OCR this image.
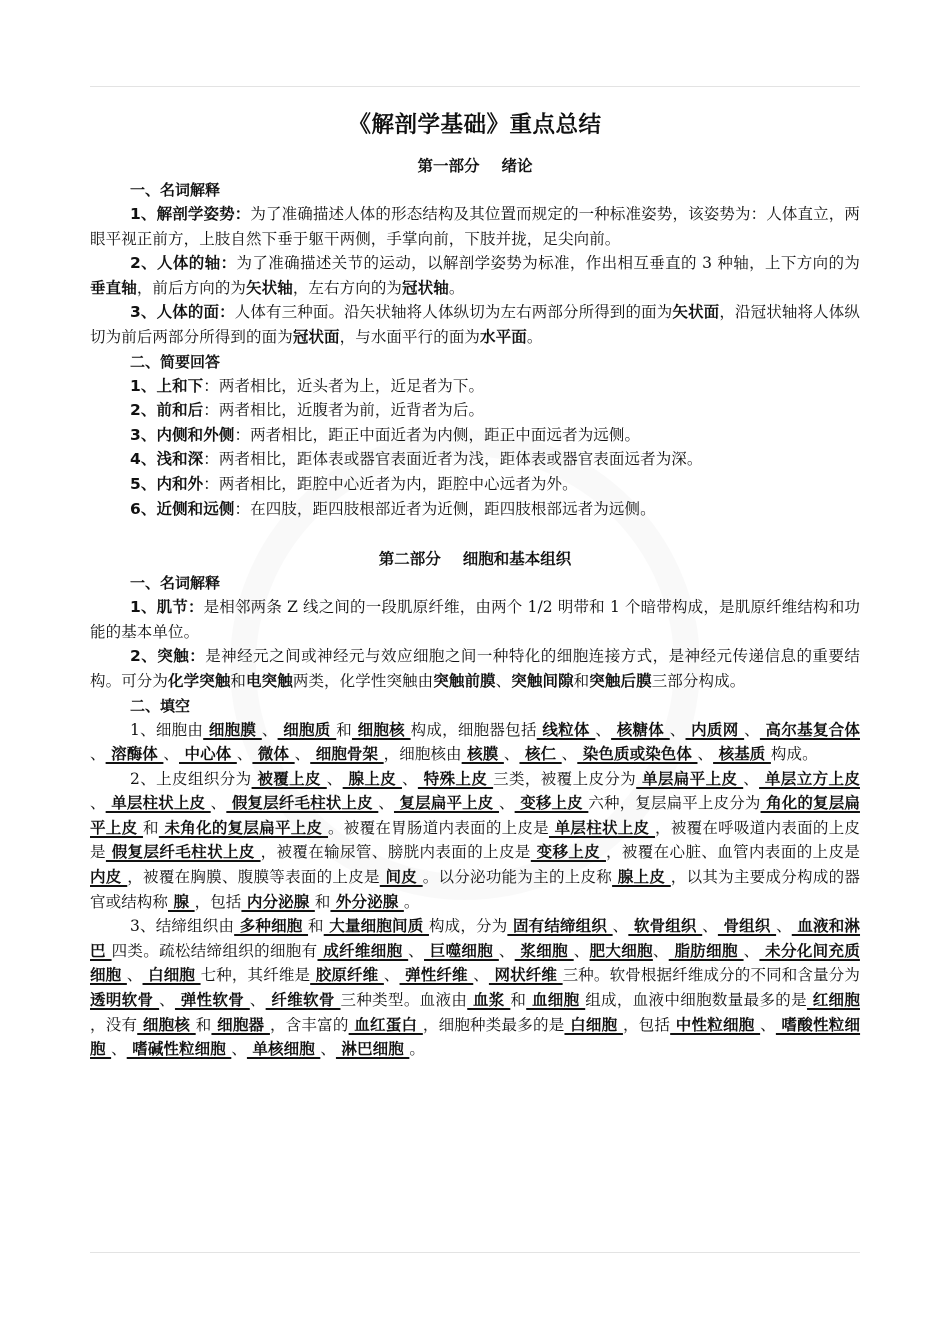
《解剖学基础》重点总结
第一部分 绪论
一、名词解释

1、解剖学姿势：为了准确描述人体的形态结构及其位置而规定的一种标准姿势，该姿势为：人体直立，两眼平视正前方，上肢自然下垂于躯干两侧，手掌向前，下肢并拢，足尖向前。

2、人体的轴：为了准确描述关节的运动，以解剖学姿势为标准，作出相互垂直的 3 种轴，上下方向的为垂直轴，前后方向的为矢状轴，左右方向的为冠状轴。

3、人体的面：人体有三种面。沿矢状轴将人体纵切为左右两部分所得到的面为矢状面，沿冠状轴将人体纵切为前后两部分所得到的面为冠状面，与水面平行的面为水平面。

二、简要回答

1、上和下：两者相比，近头者为上，近足者为下。

2、前和后：两者相比，近腹者为前，近背者为后。

3、内侧和外侧：两者相比，距正中面近者为内侧，距正中面远者为远侧。

4、浅和深：两者相比，距体表或器官表面近者为浅，距体表或器官表面远者为深。

5、内和外：两者相比，距腔中心近者为内，距腔中心远者为外。

6、近侧和远侧：在四肢，距四肢根部近者为近侧，距四肢根部远者为远侧。

第二部分 细胞和基本组织
一、名词解释

1、肌节：是相邻两条 Z 线之间的一段肌原纤维，由两个 1/2 明带和 1 个暗带构成，是肌原纤维结构和功能的基本单位。

2、突触：是神经元之间或神经元与效应细胞之间一种特化的细胞连接方式，是神经元传递信息的重要结构。可分为化学突触和电突触两类，化学性突触由突触前膜、突触间隙和突触后膜三部分构成。

二、填空

1、细胞由 细胞膜 、 细胞质 和 细胞核 构成，细胞器包括 线粒体 、 核糖体 、 内质网 、 高尔基复合体 、 溶酶体 、 中心体 、 微体 、 细胞骨架 ，细胞核由 核膜 、 核仁 、 染色质或染色体 、 核基质 构成。

2、上皮组织分为 被覆上皮 、 腺上皮 、 特殊上皮 三类，被覆上皮分为 单层扁平上皮 、 单层立方上皮 、 单层柱状上皮 、 假复层纤毛柱状上皮 、 复层扁平上皮 、 变移上皮 六种，复层扁平上皮分为 角化的复层扁平上皮 和 未角化的复层扁平上皮 。被覆在胃肠道内表面的上皮是 单层柱状上皮 ，被覆在呼吸道内表面的上皮是 假复层纤毛柱状上皮 ，被覆在输尿管、膀胱内表面的上皮是 变移上皮 ，被覆在心脏、血管内表面的上皮是 内皮 ，被覆在胸膜、腹膜等表面的上皮是 间皮 。以分泌功能为主的上皮称 腺上皮 ，以其为主要成分构成的器官或结构称 腺 ，包括 内分泌腺 和 外分泌腺 。

3、结缔组织由 多种细胞 和 大量细胞间质 构成，分为 固有结缔组织 、 软骨组织 、 骨组织 、 血液和淋巴 四类。疏松结缔组织的细胞有 成纤维细胞 、 巨噬细胞 、 浆细胞 、肥大细胞、 脂肪细胞 、 未分化间充质细胞 、 白细胞 七种，其纤维是 胶原纤维 、 弹性纤维 、 网状纤维 三种。软骨根据纤维成分的不同和含量分为 透明软骨 、 弹性软骨 、 纤维软骨 三种类型。血液由 血浆 和 血细胞 组成，血液中细胞数量最多的是 红细胞 ，没有 细胞核 和 细胞器 ，含丰富的 血红蛋白 ，细胞种类最多的是 白细胞 ，包括 中性粒细胞 、 嗜酸性粒细胞 、 嗜碱性粒细胞 、 单核细胞 、 淋巴细胞 。
